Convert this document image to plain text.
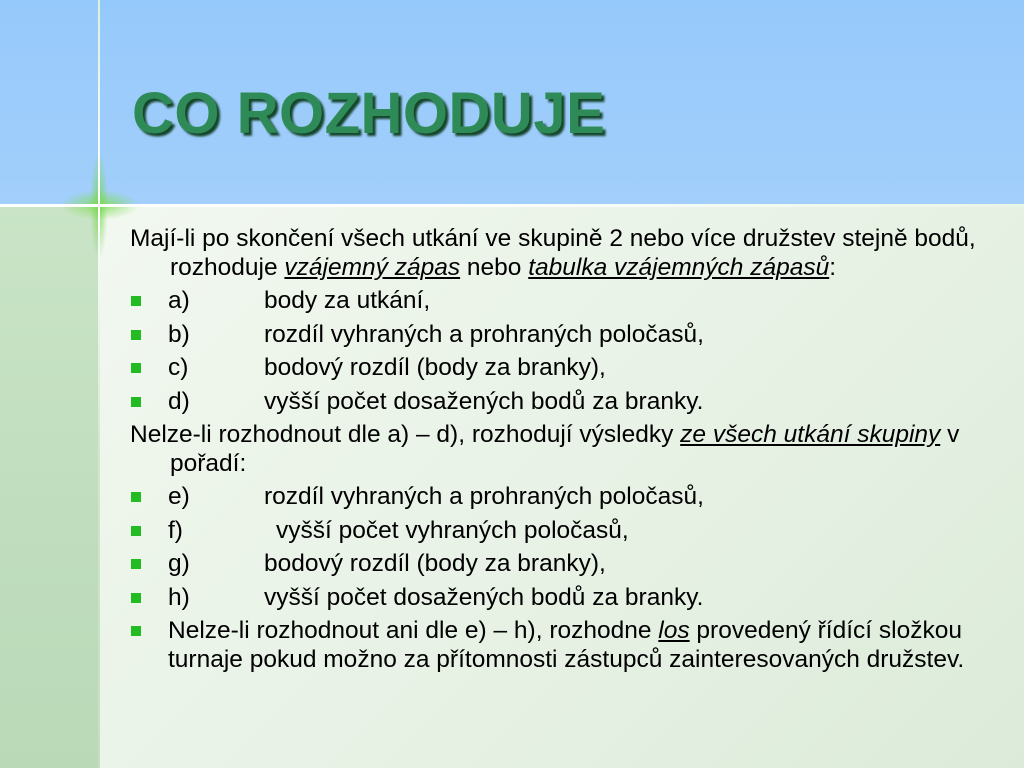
CO ROZHODUJE

Mají-li po skončení všech utkání ve skupině 2 nebo více družstev stejně bodů, rozhoduje vzájemný zápas nebo tabulka vzájemných zápasů:

a)	body za utkání,
b)	rozdíl vyhraných a prohraných poločasů,
c)	bodový rozdíl (body za branky),
d)	vyšší počet dosažených bodů za branky.

Nelze-li rozhodnout dle a) – d), rozhodují výsledky ze všech utkání skupiny v pořadí:

e)	rozdíl vyhraných a prohraných poločasů,
f)	vyšší počet vyhraných poločasů,
g)	bodový rozdíl (body za branky),
h)	vyšší počet dosažených bodů za branky.
Nelze-li rozhodnout ani dle e) – h), rozhodne los provedený řídící složkou turnaje pokud možno za přítomnosti zástupců zainteresovaných družstev.
